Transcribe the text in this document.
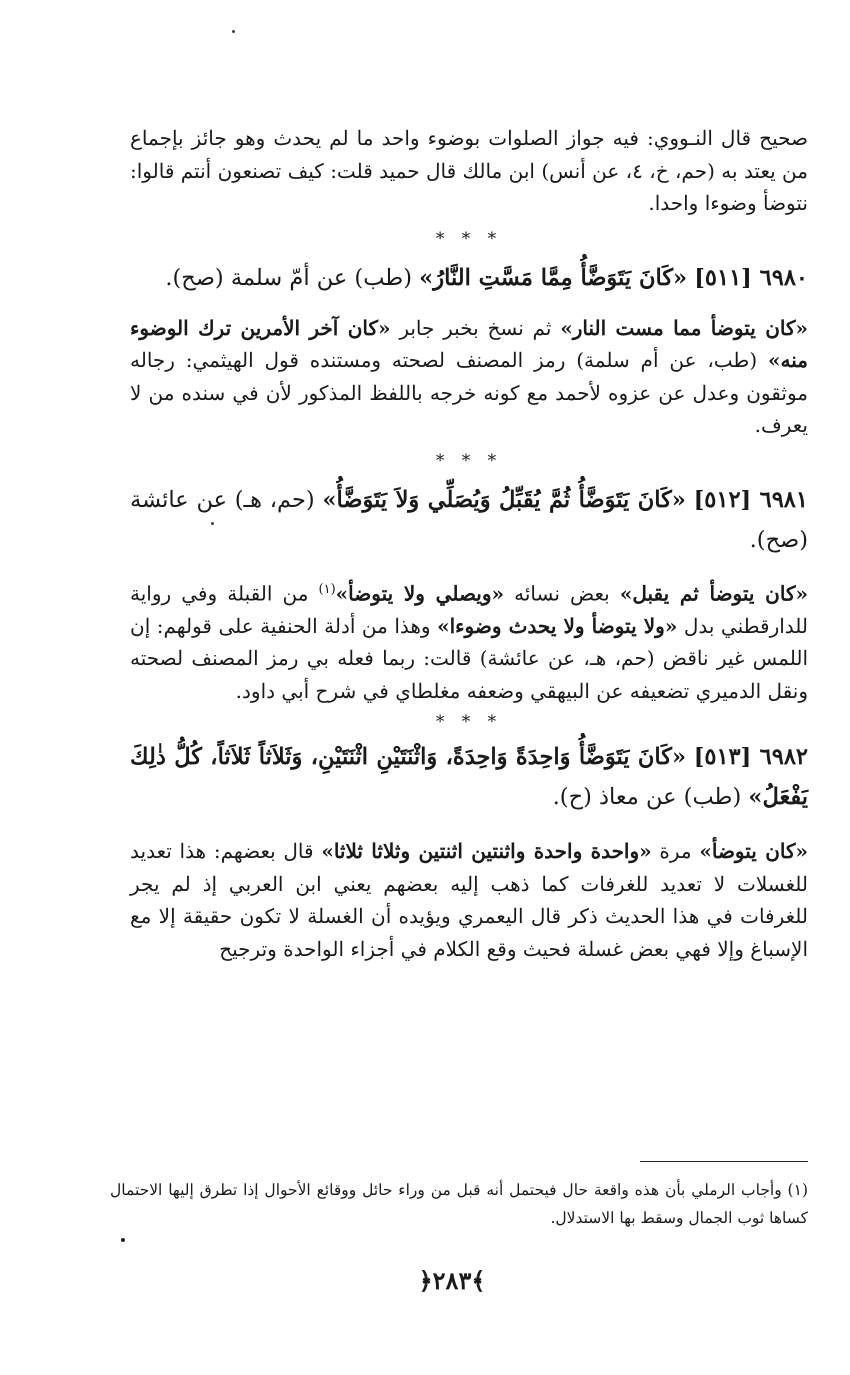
صحيح قال النـووي: فيه جواز الصلوات بوضوء واحد ما لم يحدث وهو جائز بإجماع من يعتد به (حم، خ، ٤، عن أنس) ابن مالك قال حميد قلت: كيف تصنعون أنتم قالوا: نتوضأ وضوءا واحدا.

* * *

٦٩٨٠ [٥١١] «كَانَ يَتَوَضَّأُ مِمَّا مَسَّتِ النَّارُ» (طب) عن أمّ سلمة (صح).

«كان يتوضأ مما مست النار» ثم نسخ بخبر جابر «كان آخر الأمرين ترك الوضوء منه» (طب، عن أم سلمة) رمز المصنف لصحته ومستنده قول الهيثمي: رجاله موثقون وعدل عن عزوه لأحمد مع كونه خرجه باللفظ المذكور لأن في سنده من لا يعرف.

* * *

٦٩٨١ [٥١٢] «كَانَ يَتَوَضَّأُ ثُمَّ يُقَبِّلُ وَيُصَلِّي وَلاَ يَتَوَضَّأُ» (حم، هـ) عن عائشة (صح).

«كان يتوضأ ثم يقبل» بعض نسائه «ويصلي ولا يتوضأ»$^{(١)}$ من القبلة وفي رواية للدارقطني بدل «ولا يتوضأ ولا يحدث وضوءا» وهذا من أدلة الحنفية على قولهم: إن اللمس غير ناقض (حم، هـ، عن عائشة) قالت: ربما فعله بي رمز المصنف لصحته ونقل الدميري تضعيفه عن البيهقي وضعفه مغلطاي في شرح أبي داود.

* * *

٦٩٨٢ [٥١٣] «كَانَ يَتَوَضَّأُ وَاحِدَةً وَاحِدَةً، وَاثْنَتَيْنِ اثْنَتَيْنِ، وَثَلاَثاً ثَلاَثاً، كُلُّ ذٰلِكَ يَفْعَلُ» (طب) عن معاذ (ح).

«كان يتوضأ» مرة «واحدة واحدة واثنتين اثنتين وثلاثا ثلاثا» قال بعضهم: هذا تعديد للغسلات لا تعديد للغرفات كما ذهب إليه بعضهم يعني ابن العربي إذ لم يجر للغرفات في هذا الحديث ذكر قال اليعمري ويؤيده أن الغسلة لا تكون حقيقة إلا مع الإسباغ وإلا فهي بعض غسلة فحيث وقع الكلام في أجزاء الواحدة وترجيح

(١) وأجاب الرملي بأن هذه واقعة حال فيحتمل أنه قبل من وراء حائل ووقائع الأحوال إذا تطرق إليها الاحتمال كساها ثوب الجمال وسقط بها الاستدلال.
﴿٢٨٣﴾
